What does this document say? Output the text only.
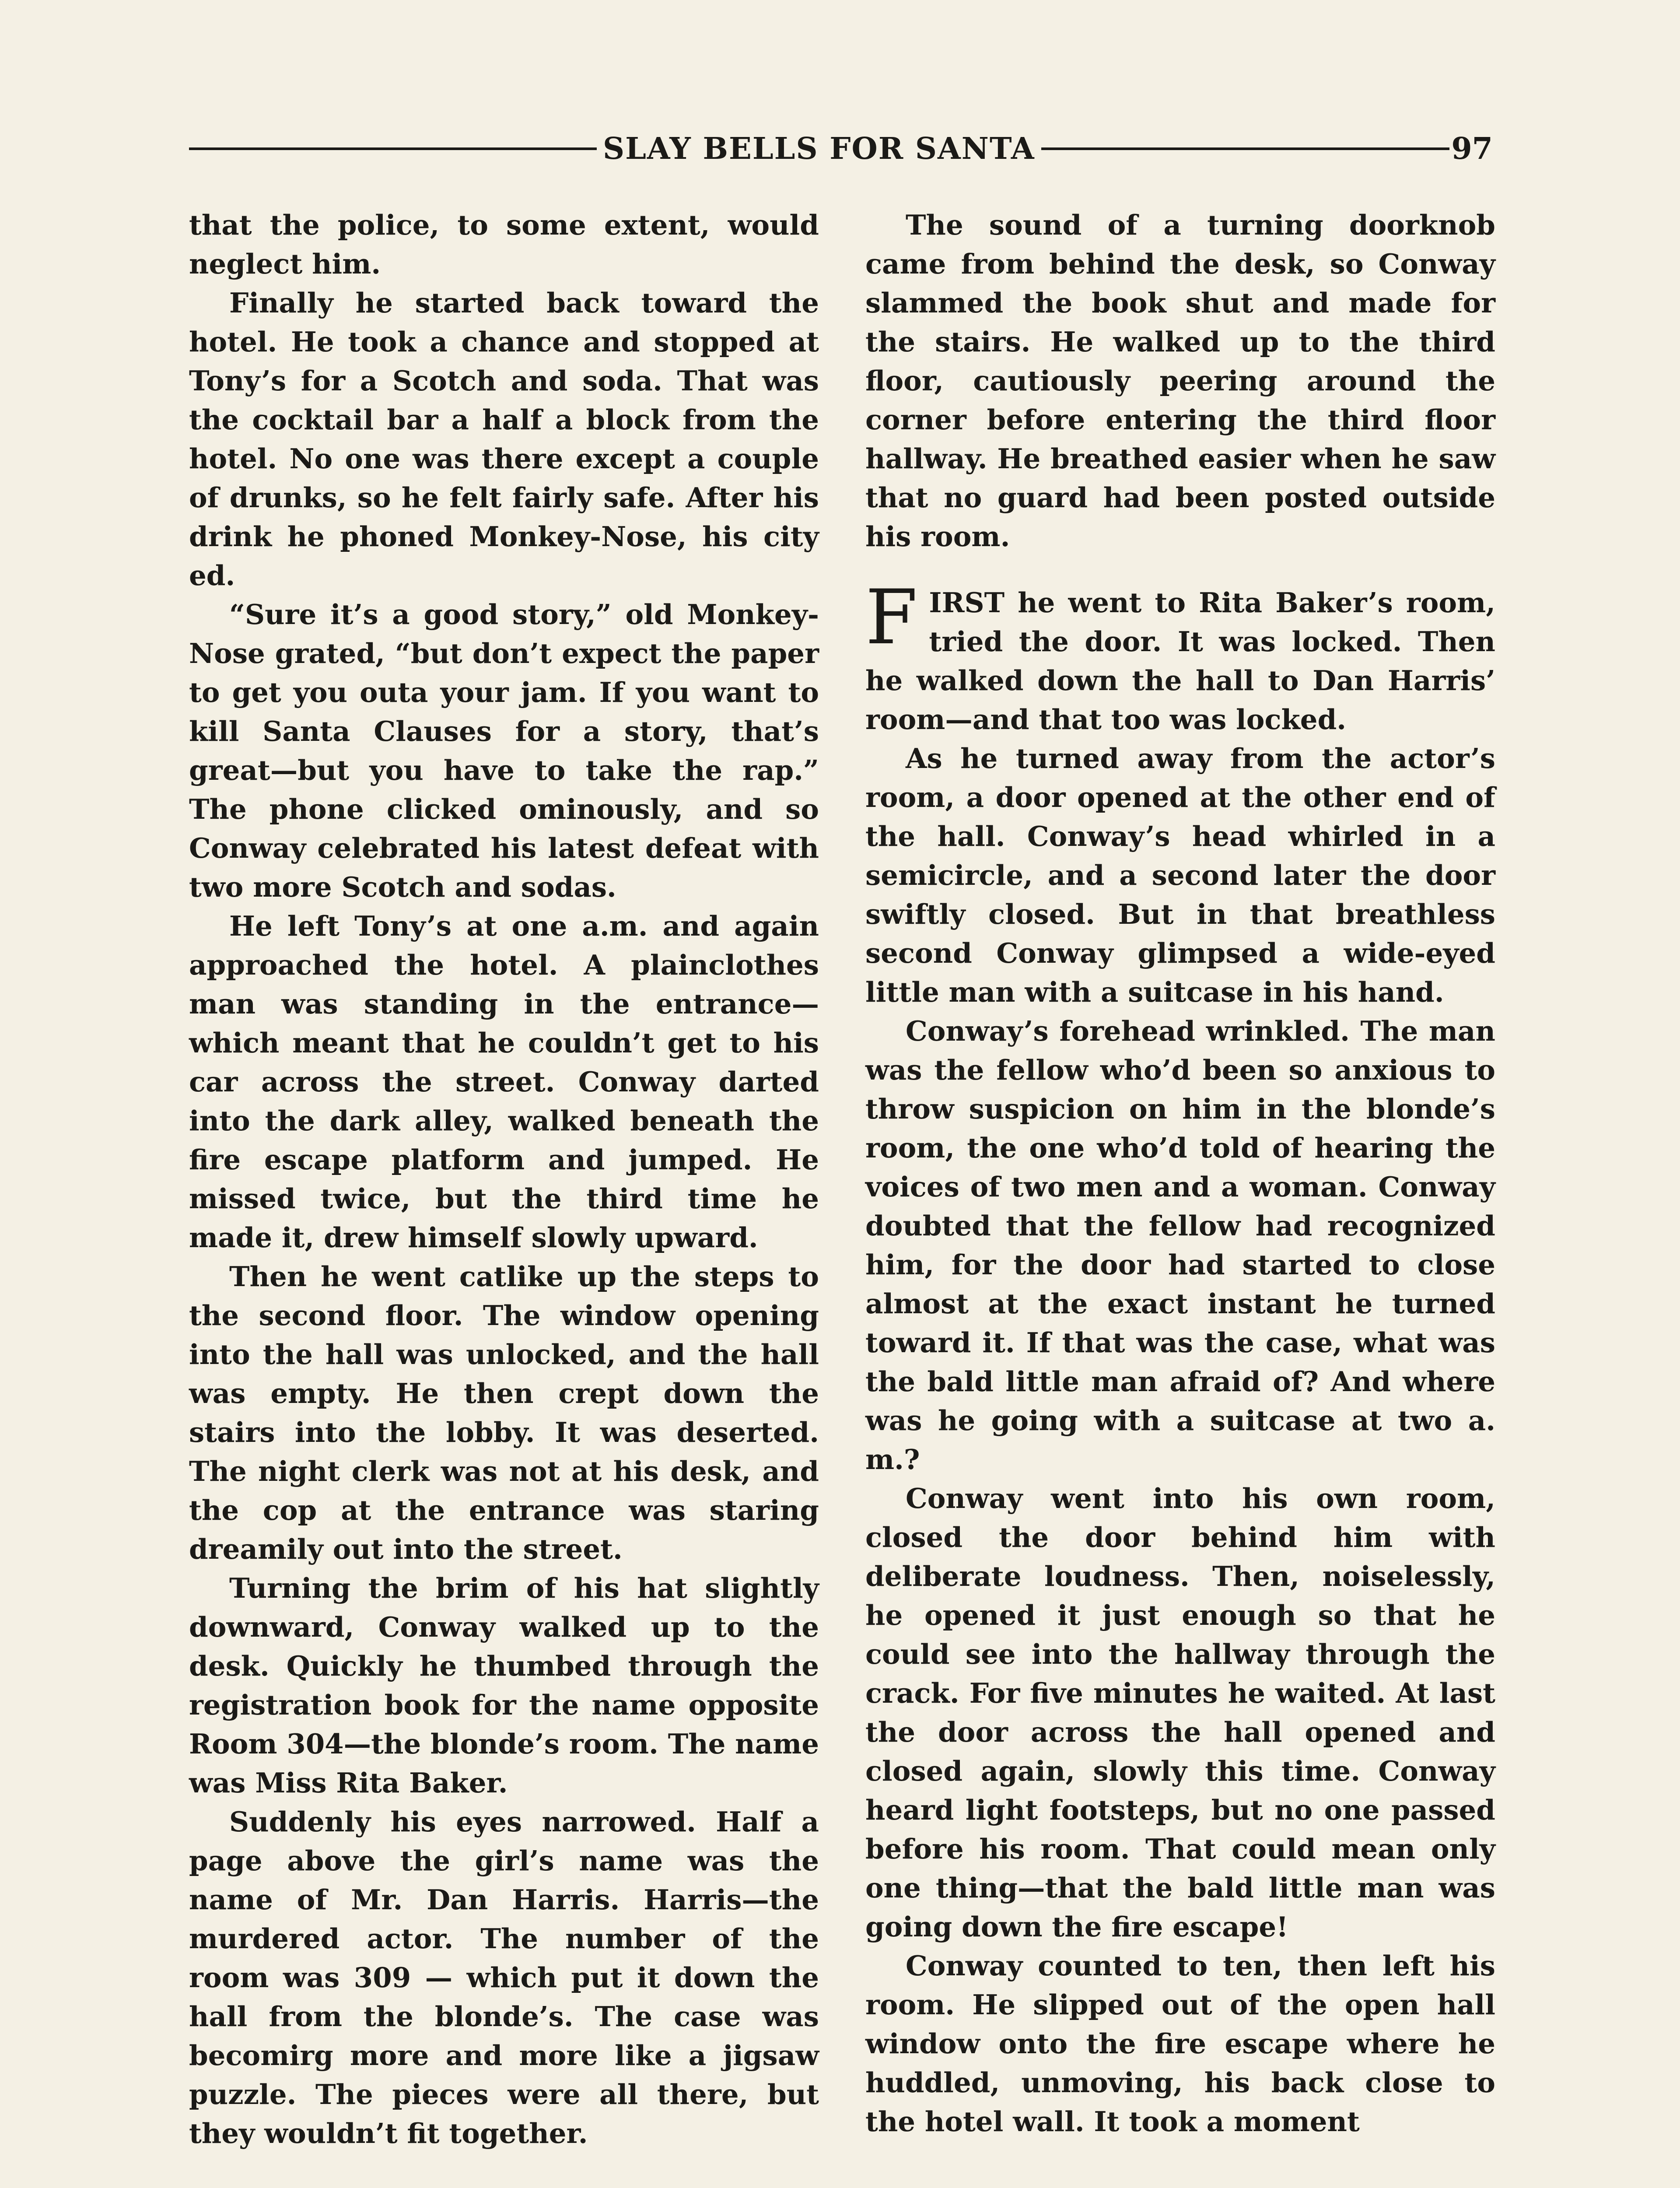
SLAY BELLS FOR SANTA	97

that the police, to some extent, would neglect him.

Finally he started back toward the hotel. He took a chance and stopped at Tony’s for a Scotch and soda. That was the cocktail bar a half a block from the hotel. No one was there except a couple of drunks, so he felt fairly safe. After his drink he phoned Monkey-Nose, his city ed.

“Sure it’s a good story,” old Monkey-Nose grated, “but don’t expect the paper to get you outa your jam. If you want to kill Santa Clauses for a story, that’s great—but you have to take the rap.” The phone clicked ominously, and so Conway celebrated his latest defeat with two more Scotch and sodas.

He left Tony’s at one a.m. and again approached the hotel. A plainclothes man was standing in the entrance—which meant that he couldn’t get to his car across the street. Conway darted into the dark alley, walked beneath the fire escape platform and jumped. He missed twice, but the third time he made it, drew himself slowly upward.

Then he went catlike up the steps to the second floor. The window opening into the hall was unlocked, and the hall was empty. He then crept down the stairs into the lobby. It was deserted. The night clerk was not at his desk, and the cop at the entrance was staring dreamily out into the street.

Turning the brim of his hat slightly downward, Conway walked up to the desk. Quickly he thumbed through the registration book for the name opposite Room 304—the blonde’s room. The name was Miss Rita Baker.

Suddenly his eyes narrowed. Half a page above the girl’s name was the name of Mr. Dan Harris. Harris—the murdered actor. The number of the room was 309 — which put it down the hall from the blonde’s. The case was becomirg more and more like a jigsaw puzzle. The pieces were all there, but they wouldn’t fit together.

The sound of a turning doorknob came from behind the desk, so Conway slammed the book shut and made for the stairs. He walked up to the third floor, cautiously peering around the corner before entering the third floor hallway. He breathed easier when he saw that no guard had been posted outside his room.

FIRST he went to Rita Baker’s room, tried the door. It was locked. Then he walked down the hall to Dan Harris’ room—and that too was locked.

As he turned away from the actor’s room, a door opened at the other end of the hall. Conway’s head whirled in a semicircle, and a second later the door swiftly closed. But in that breathless second Conway glimpsed a wide-eyed little man with a suitcase in his hand.

Conway’s forehead wrinkled. The man was the fellow who’d been so anxious to throw suspicion on him in the blonde’s room, the one who’d told of hearing the voices of two men and a woman. Conway doubted that the fellow had recognized him, for the door had started to close almost at the exact instant he turned toward it. If that was the case, what was the bald little man afraid of? And where was he going with a suitcase at two a. m.?

Conway went into his own room, closed the door behind him with deliberate loudness. Then, noiselessly, he opened it just enough so that he could see into the hallway through the crack. For five minutes he waited. At last the door across the hall opened and closed again, slowly this time. Conway heard light footsteps, but no one passed before his room. That could mean only one thing—that the bald little man was going down the fire escape!

Conway counted to ten, then left his room. He slipped out of the open hall window onto the fire escape where he huddled, unmoving, his back close to the hotel wall. It took a moment
